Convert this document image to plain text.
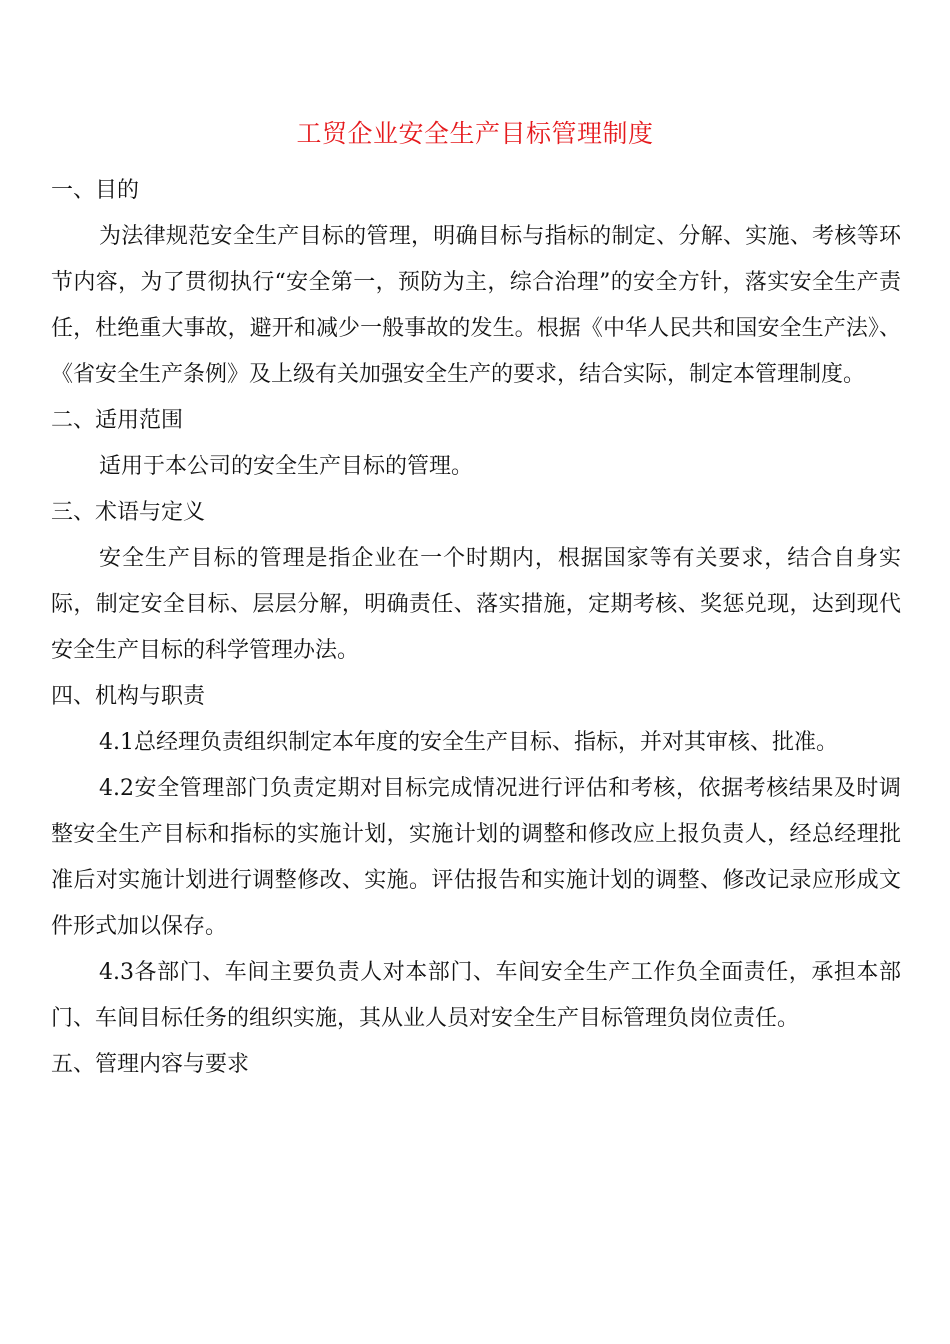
工贸企业安全生产目标管理制度

一、目的

为法律规范安全生产目标的管理，明确目标与指标的制定、分解、实施、考核等环节内容，为了贯彻执行“安全第一，预防为主，综合治理”的安全方针，落实安全生产责任，杜绝重大事故，避开和减少一般事故的发生。根据《中华人民共和国安全生产法》、《省安全生产条例》及上级有关加强安全生产的要求，结合实际，制定本管理制度。

二、适用范围

适用于本公司的安全生产目标的管理。

三、术语与定义

安全生产目标的管理是指企业在一个时期内，根据国家等有关要求，结合自身实际，制定安全目标、层层分解，明确责任、落实措施，定期考核、奖惩兑现，达到现代安全生产目标的科学管理办法。

四、机构与职责

4.1总经理负责组织制定本年度的安全生产目标、指标，并对其审核、批准。

4.2安全管理部门负责定期对目标完成情况进行评估和考核，依据考核结果及时调整安全生产目标和指标的实施计划，实施计划的调整和修改应上报负责人，经总经理批准后对实施计划进行调整修改、实施。评估报告和实施计划的调整、修改记录应形成文件形式加以保存。

4.3各部门、车间主要负责人对本部门、车间安全生产工作负全面责任，承担本部门、车间目标任务的组织实施，其从业人员对安全生产目标管理负岗位责任。

五、管理内容与要求
